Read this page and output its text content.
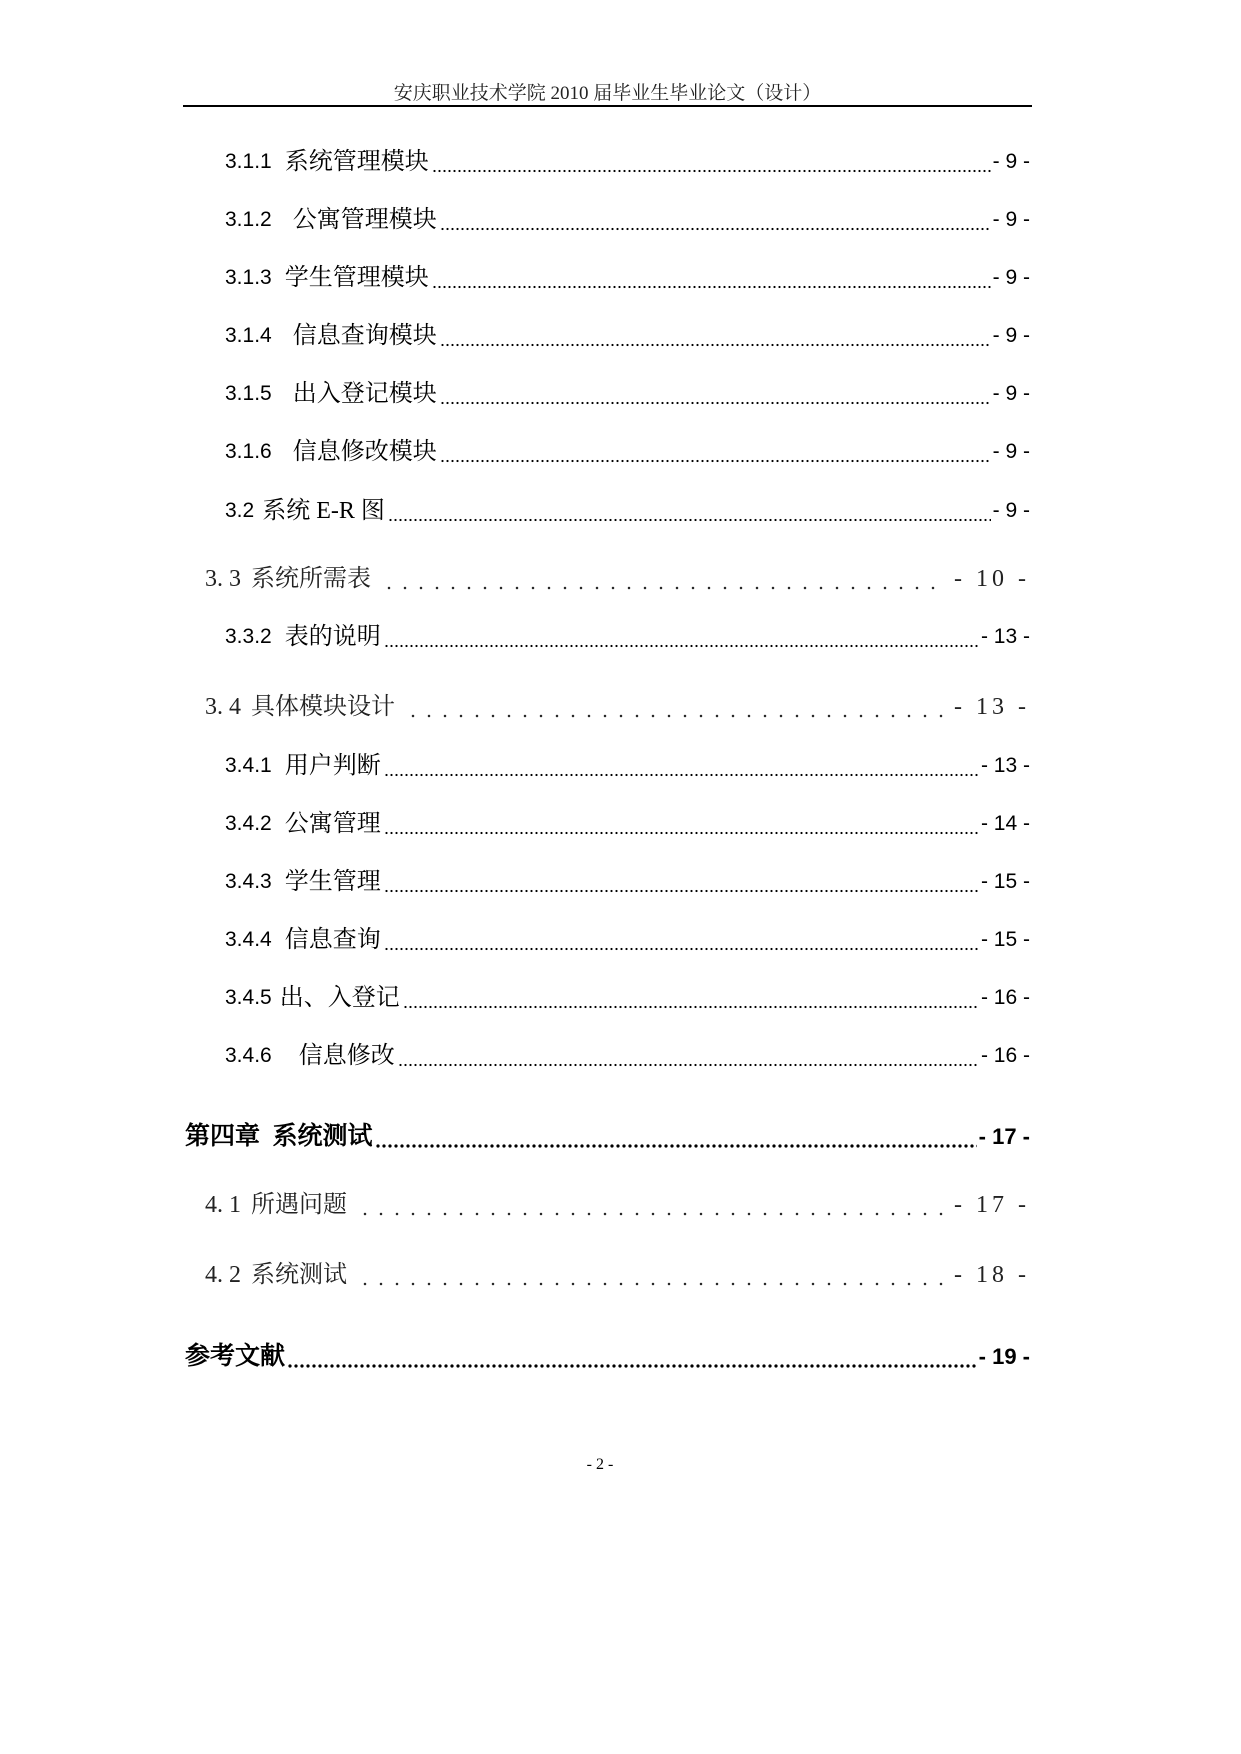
安庆职业技术学院 2010 届毕业生毕业论文（设计）
3.1.1 系统管理模块	- 9 -
3.1.2 公寓管理模块	- 9 -
3.1.3 学生管理模块	- 9 -
3.1.4 信息查询模块	- 9 -
3.1.5 出入登记模块	- 9 -
3.1.6 信息修改模块	- 9 -
3.2 系统 E-R 图	- 9 -
3. 3 系统所需表	- 10 -
3.3.2 表的说明	- 13 -
3. 4 具体模块设计	- 13 -
3.4.1 用户判断	- 13 -
3.4.2 公寓管理	- 14 -
3.4.3 学生管理	- 15 -
3.4.4 信息查询	- 15 -
3.4.5 出、入登记	- 16 -
3.4.6 信息修改	- 16 -
第四章  系统测试	- 17 -
4. 1 所遇问题	- 17 -
4. 2 系统测试	- 18 -
参考文献	- 19 -
- 2 -
